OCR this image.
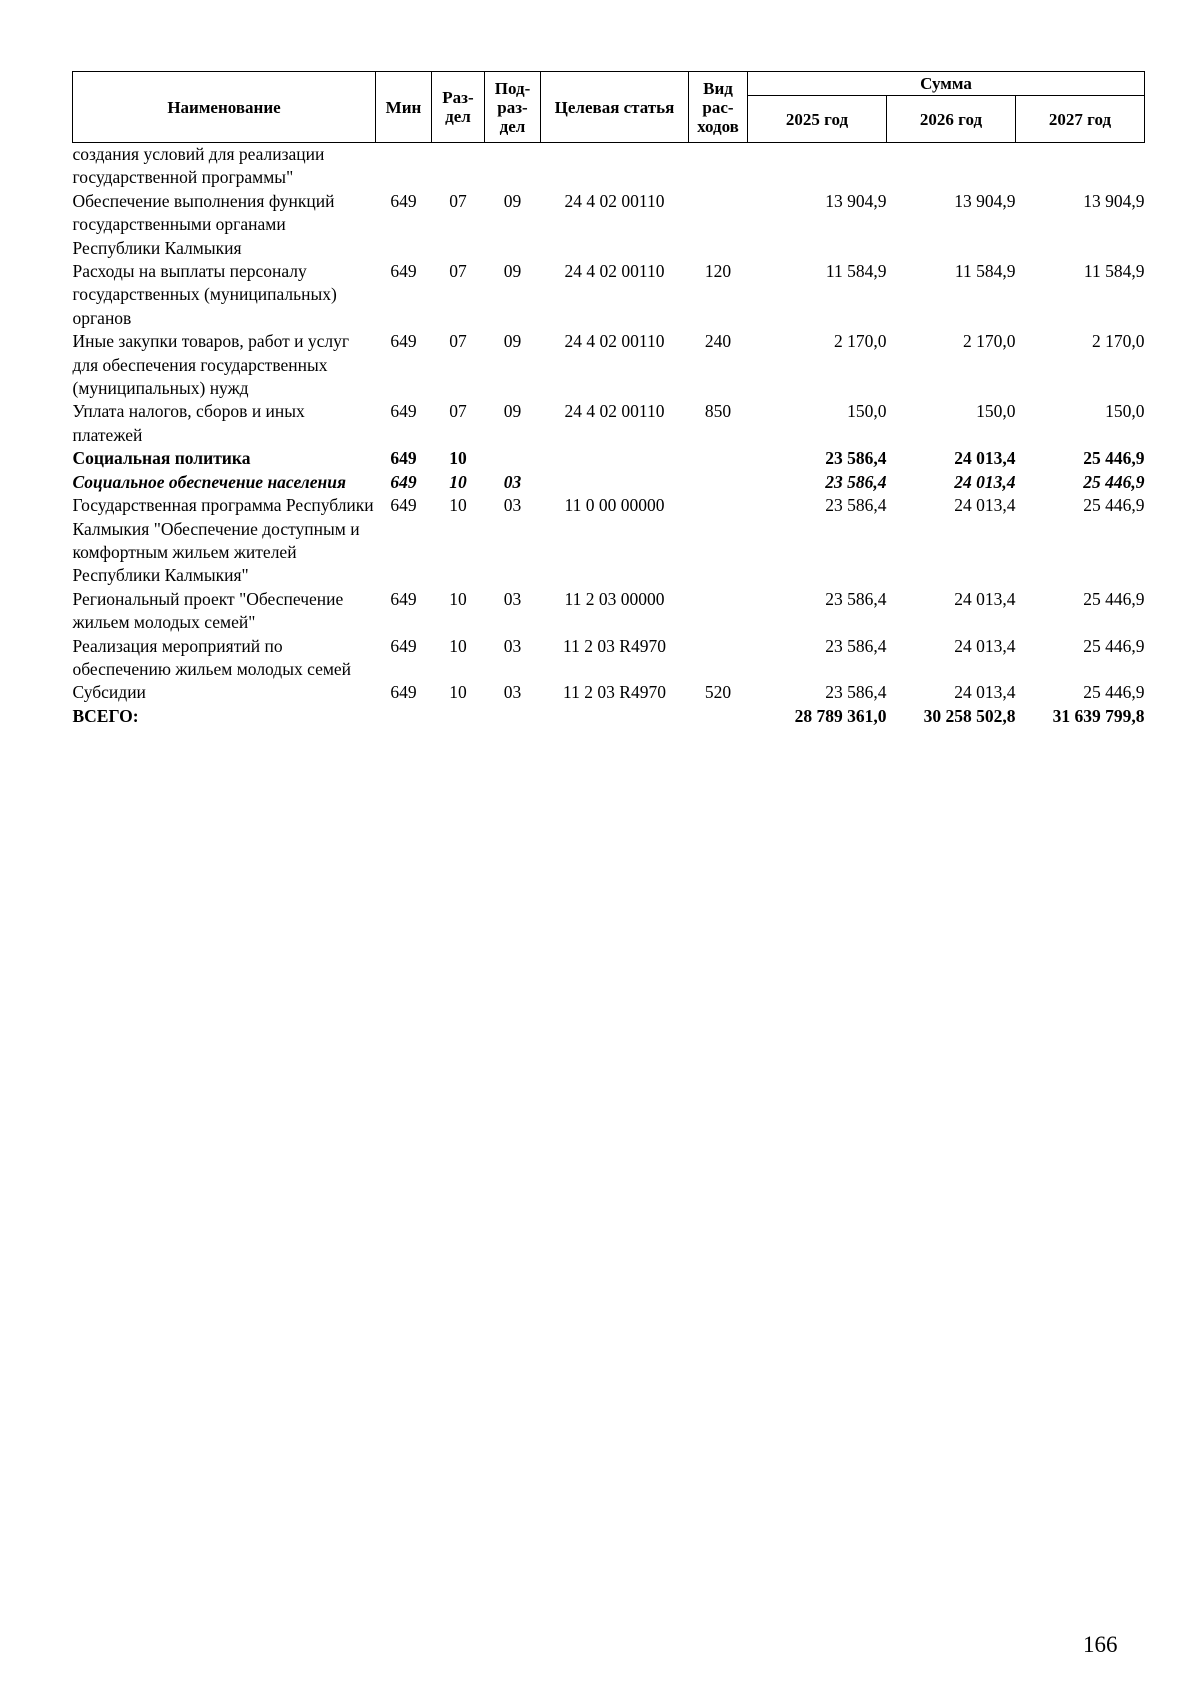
Наименование	Мин	Раз-дел	Под-раз-дел	Целевая статья	Вид рас-ходов	Сумма		
						2025 год	2026 год	2027 год
создания условий для реализации государственной программы"								
Обеспечение выполнения функций государственными органами Республики Калмыкия	649	07	09	24 4 02 00110		13 904,9	13 904,9	13 904,9
Расходы на выплаты персоналу государственных (муниципальных) органов	649	07	09	24 4 02 00110	120	11 584,9	11 584,9	11 584,9
Иные закупки товаров, работ и услуг для обеспечения государственных (муниципальных) нужд	649	07	09	24 4 02 00110	240	2 170,0	2 170,0	2 170,0
Уплата налогов, сборов и иных платежей	649	07	09	24 4 02 00110	850	150,0	150,0	150,0
Социальная политика	649	10				23 586,4	24 013,4	25 446,9
Социальное обеспечение населения	649	10	03			23 586,4	24 013,4	25 446,9
Государственная программа Республики Калмыкия "Обеспечение доступным и комфортным жильем жителей Республики Калмыкия"	649	10	03	11 0 00 00000		23 586,4	24 013,4	25 446,9
Региональный проект "Обеспечение жильем молодых семей"	649	10	03	11 2 03 00000		23 586,4	24 013,4	25 446,9
Реализация мероприятий по обеспечению жильем молодых семей	649	10	03	11 2 03 R4970		23 586,4	24 013,4	25 446,9
Субсидии	649	10	03	11 2 03 R4970	520	23 586,4	24 013,4	25 446,9
ВСЕГО:						28 789 361,0	30 258 502,8	31 639 799,8
166
